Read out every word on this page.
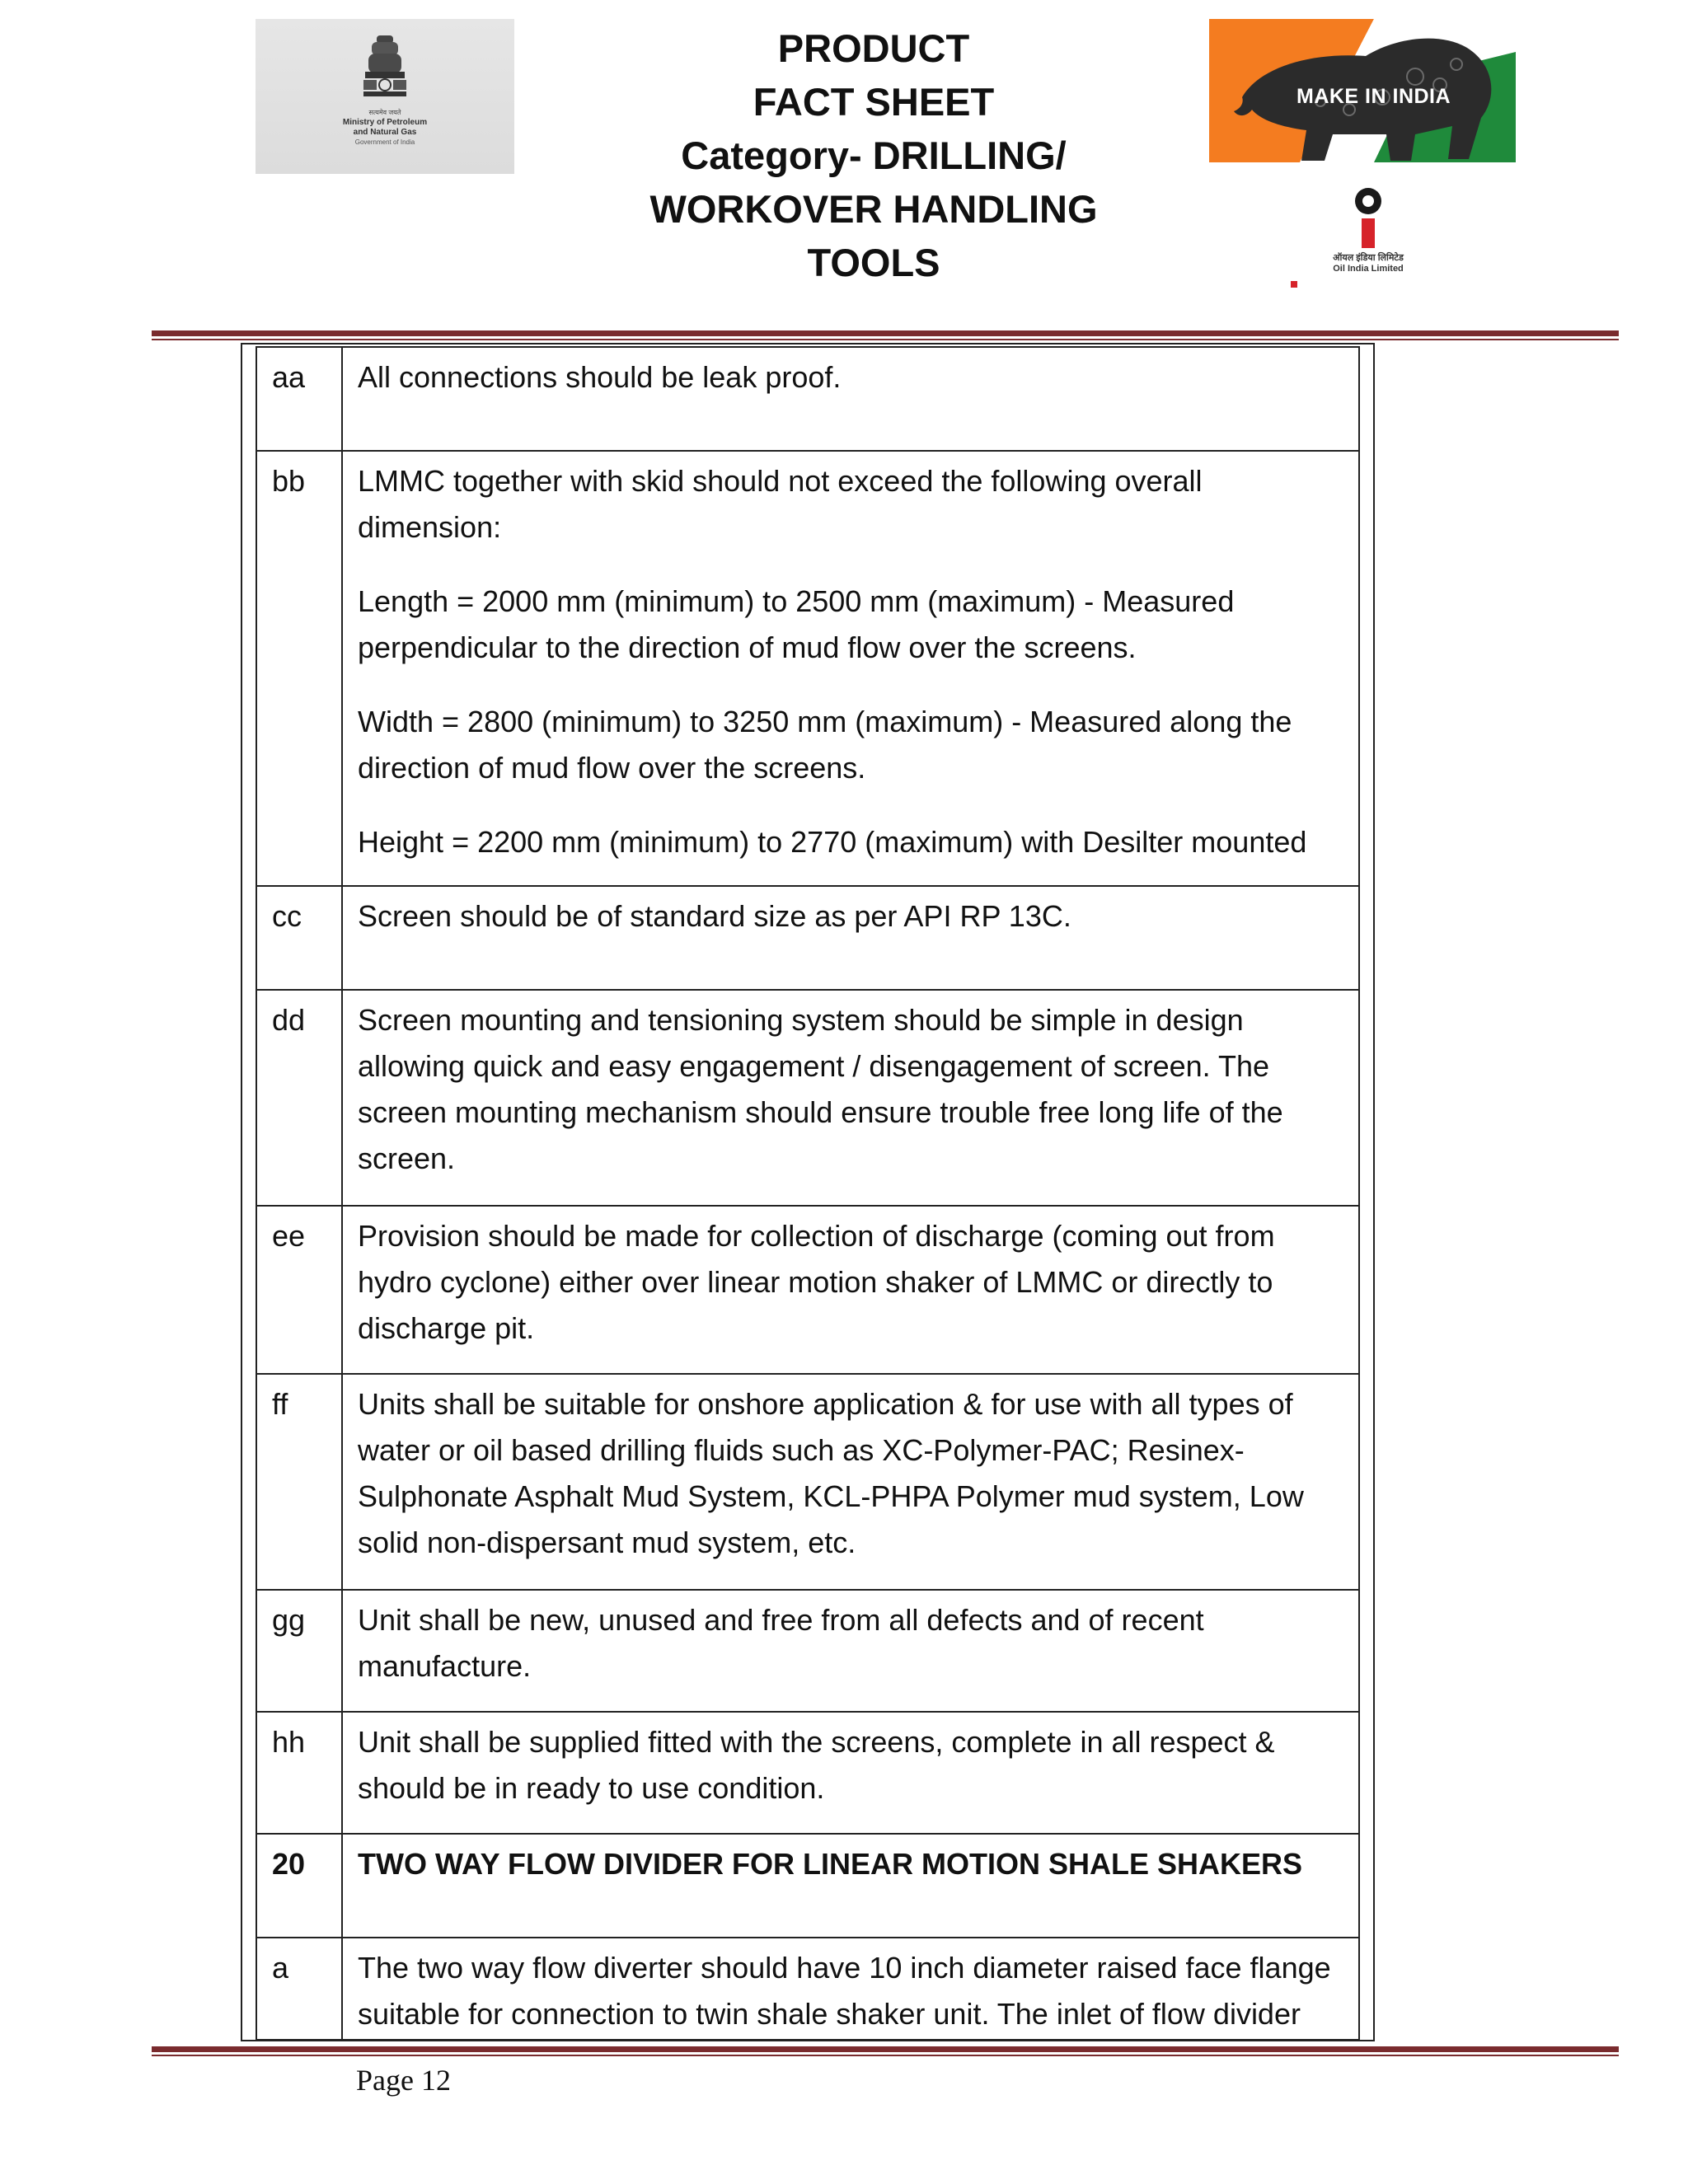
सत्यमेव जयते
Ministry of Petroleum
and Natural Gas
Government of India
PRODUCT
FACT SHEET
Category- DRILLING/
WORKOVER HANDLING
TOOLS
MAKE IN INDIA
ऑयल इंडिया लिमिटेड
Oil India Limited
aa	All connections should be leak proof.

bb	LMMC together with skid should not exceed the following overall dimension:

Length = 2000 mm (minimum) to 2500 mm (maximum) - Measured perpendicular to the direction of mud flow over the screens.

Width = 2800 (minimum) to 3250 mm (maximum) - Measured along the direction of mud flow over the screens.

Height = 2200 mm (minimum) to 2770 (maximum) with Desilter mounted

cc	Screen should be of standard size as per API RP 13C.

dd	Screen mounting and tensioning system should be simple in design allowing quick and easy engagement / disengagement of screen. The screen mounting mechanism should ensure trouble free long life of the screen.

ee	Provision should be made for collection of discharge (coming out from hydro cyclone) either over linear motion shaker of LMMC or directly to discharge pit.

ff	Units shall be suitable for onshore application & for use with all types of water or oil based drilling fluids such as XC-Polymer-PAC; Resinex-Sulphonate Asphalt Mud System, KCL-PHPA Polymer mud system, Low solid non-dispersant mud system, etc.

gg	Unit shall be new, unused and free from all defects and of recent manufacture.

hh	Unit shall be supplied fitted with the screens, complete in all respect & should be in ready to use condition.

20	TWO WAY FLOW DIVIDER FOR LINEAR MOTION SHALE SHAKERS

a	The two way flow diverter should have 10 inch diameter raised face flange suitable for connection to twin shale shaker unit. The inlet of flow divider

Page 12
